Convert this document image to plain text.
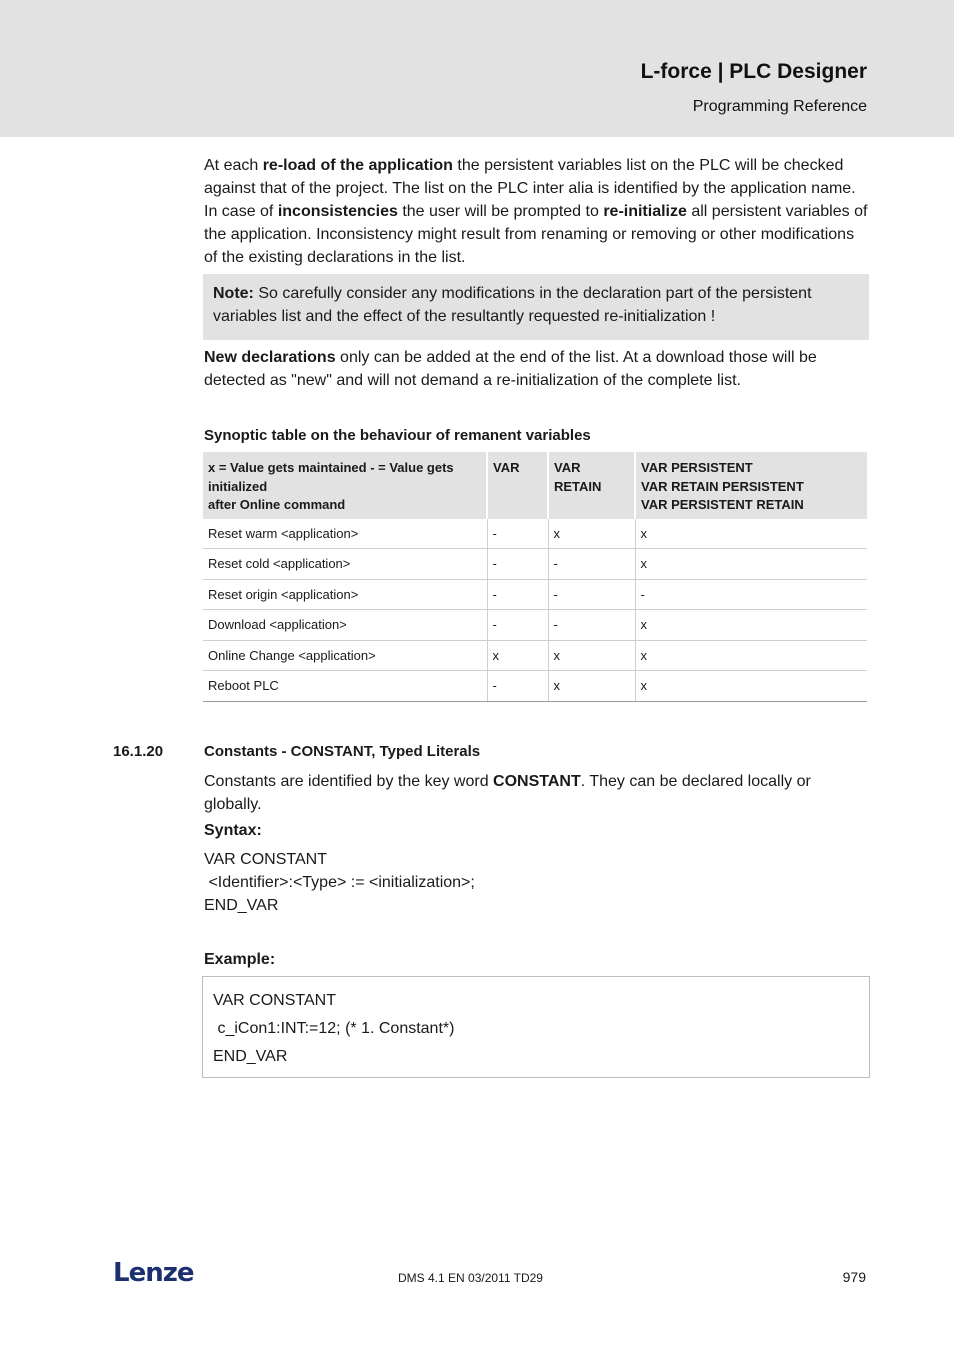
L-force | PLC Designer
Programming Reference

At each re-load of the application the persistent variables list on the PLC will be checked against that of the project. The list on the PLC inter alia is identified by the application name. In case of inconsistencies the user will be prompted to re-initialize all persistent variables of the application. Inconsistency might result from renaming or removing or other modifications of the existing declarations in the list.

Note: So carefully consider any modifications in the declaration part of the persistent variables list and the effect of the resultantly requested re-initialization !

New declarations only can be added at the end of the list. At a download those will be detected as "new" and will not demand a re-initialization of the complete list.

Synoptic table on the behaviour of remanent variables
x = Value gets maintained - = Value gets initialized
after Online command	VAR	VAR RETAIN	VAR PERSISTENT
VAR RETAIN PERSISTENT
VAR PERSISTENT RETAIN
Reset warm <application>	-	x	x
Reset cold <application>	-	-	x
Reset origin <application>	-	-	-
Download <application>	-	-	x
Online Change <application>	x	x	x
Reboot PLC	-	x	x
16.1.20	Constants - CONSTANT, Typed Literals

Constants are identified by the key word CONSTANT. They can be declared locally or globally.

Syntax:
VAR CONSTANT
<Identifier>:<Type> := <initialization>;
END_VAR
Example:
VAR CONSTANT
c_iCon1:INT:=12; (* 1. Constant*)
END_VAR
Lenze	DMS 4.1 EN 03/2011 TD29	979
